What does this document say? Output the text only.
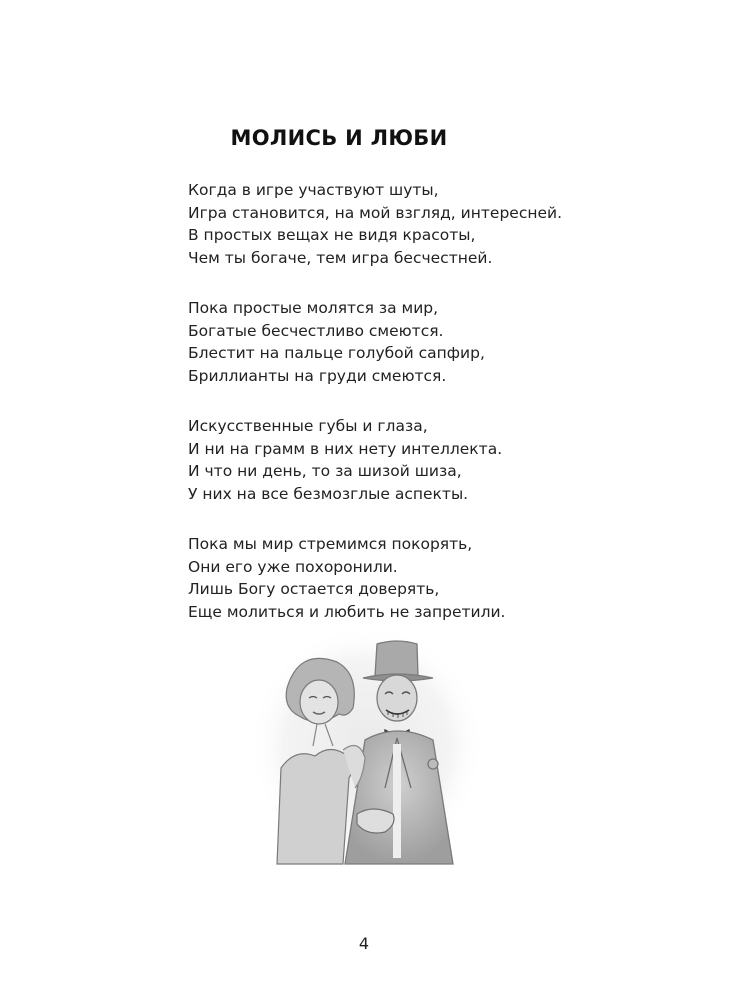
МОЛИСЬ И ЛЮБИ
Когда в игре участвуют шуты,
Игра становится, на мой взгляд, интересней.
В простых вещах не видя красоты,
Чем ты богаче, тем игра бесчестней.
Пока простые молятся за мир,
Богатые бесчестливо смеются.
Блестит на пальце голубой сапфир,
Бриллианты на груди смеются.
Искусственные губы и глаза,
И ни на грамм в них нету интеллекта.
И что ни день, то за шизой шиза,
У них на все безмозглые аспекты.
Пока мы мир стремимся покорять,
Они его уже похоронили.
Лишь Богу остается доверять,
Еще молиться и любить не запретили.
4
